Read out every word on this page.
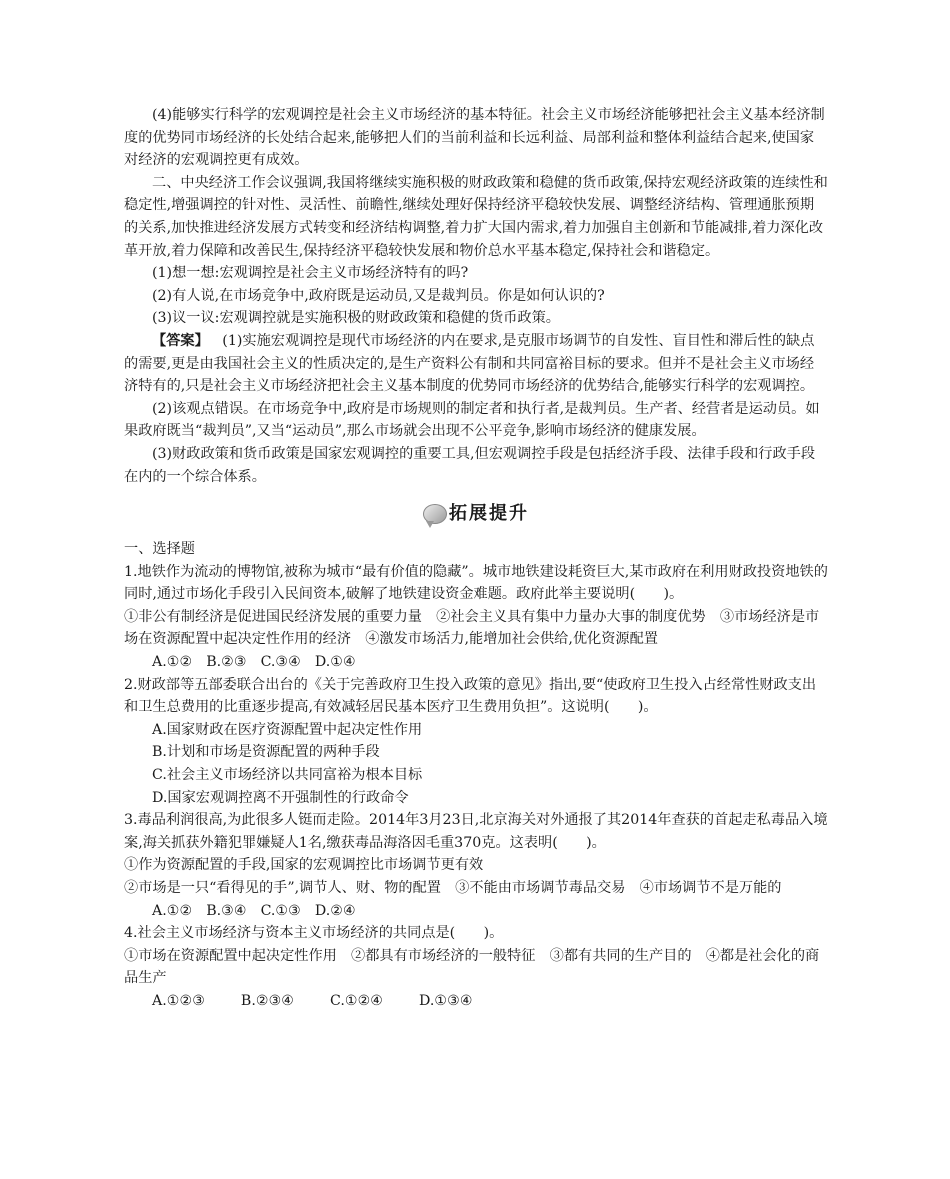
(4)能够实行科学的宏观调控是社会主义市场经济的基本特征。社会主义市场经济能够把社会主义基本经济制度的优势同市场经济的长处结合起来,能够把人们的当前利益和长远利益、局部利益和整体利益结合起来,使国家对经济的宏观调控更有成效。

二、中央经济工作会议强调,我国将继续实施积极的财政政策和稳健的货币政策,保持宏观经济政策的连续性和稳定性,增强调控的针对性、灵活性、前瞻性,继续处理好保持经济平稳较快发展、调整经济结构、管理通胀预期的关系,加快推进经济发展方式转变和经济结构调整,着力扩大国内需求,着力加强自主创新和节能减排,着力深化改革开放,着力保障和改善民生,保持经济平稳较快发展和物价总水平基本稳定,保持社会和谐稳定。

(1)想一想:宏观调控是社会主义市场经济特有的吗?

(2)有人说,在市场竞争中,政府既是运动员,又是裁判员。你是如何认识的?

(3)议一议:宏观调控就是实施积极的财政政策和稳健的货币政策。

【答案】 (1)实施宏观调控是现代市场经济的内在要求,是克服市场调节的自发性、盲目性和滞后性的缺点的需要,更是由我国社会主义的性质决定的,是生产资料公有制和共同富裕目标的要求。但并不是社会主义市场经济特有的,只是社会主义市场经济把社会主义基本制度的优势同市场经济的优势结合,能够实行科学的宏观调控。

(2)该观点错误。在市场竞争中,政府是市场规则的制定者和执行者,是裁判员。生产者、经营者是运动员。如果政府既当“裁判员”,又当“运动员”,那么市场就会出现不公平竞争,影响市场经济的健康发展。

(3)财政政策和货币政策是国家宏观调控的重要工具,但宏观调控手段是包括经济手段、法律手段和行政手段在内的一个综合体系。

拓展提升

一、选择题

1.地铁作为流动的博物馆,被称为城市“最有价值的隐藏”。城市地铁建设耗资巨大,某市政府在利用财政投资地铁的同时,通过市场化手段引入民间资本,破解了地铁建设资金难题。政府此举主要说明(　　)。

①非公有制经济是促进国民经济发展的重要力量　②社会主义具有集中力量办大事的制度优势　③市场经济是市场在资源配置中起决定性作用的经济　④激发市场活力,能增加社会供给,优化资源配置

A.①② B.②③ C.③④ D.①④

2.财政部等五部委联合出台的《关于完善政府卫生投入政策的意见》指出,要“使政府卫生投入占经常性财政支出和卫生总费用的比重逐步提高,有效减轻居民基本医疗卫生费用负担”。这说明(　　)。

A.国家财政在医疗资源配置中起决定性作用

B.计划和市场是资源配置的两种手段

C.社会主义市场经济以共同富裕为根本目标

D.国家宏观调控离不开强制性的行政命令

3.毒品利润很高,为此很多人铤而走险。2014年3月23日,北京海关对外通报了其2014年查获的首起走私毒品入境案,海关抓获外籍犯罪嫌疑人1名,缴获毒品海洛因毛重370克。这表明(　　)。

①作为资源配置的手段,国家的宏观调控比市场调节更有效

②市场是一只“看得见的手”,调节人、财、物的配置　③不能由市场调节毒品交易　④市场调节不是万能的

A.①② B.③④ C.①③ D.②④

4.社会主义市场经济与资本主义市场经济的共同点是(　　)。

①市场在资源配置中起决定性作用　②都具有市场经济的一般特征　③都有共同的生产目的　④都是社会化的商品生产

A.①②③	B.②③④	C.①②④	D.①③④
